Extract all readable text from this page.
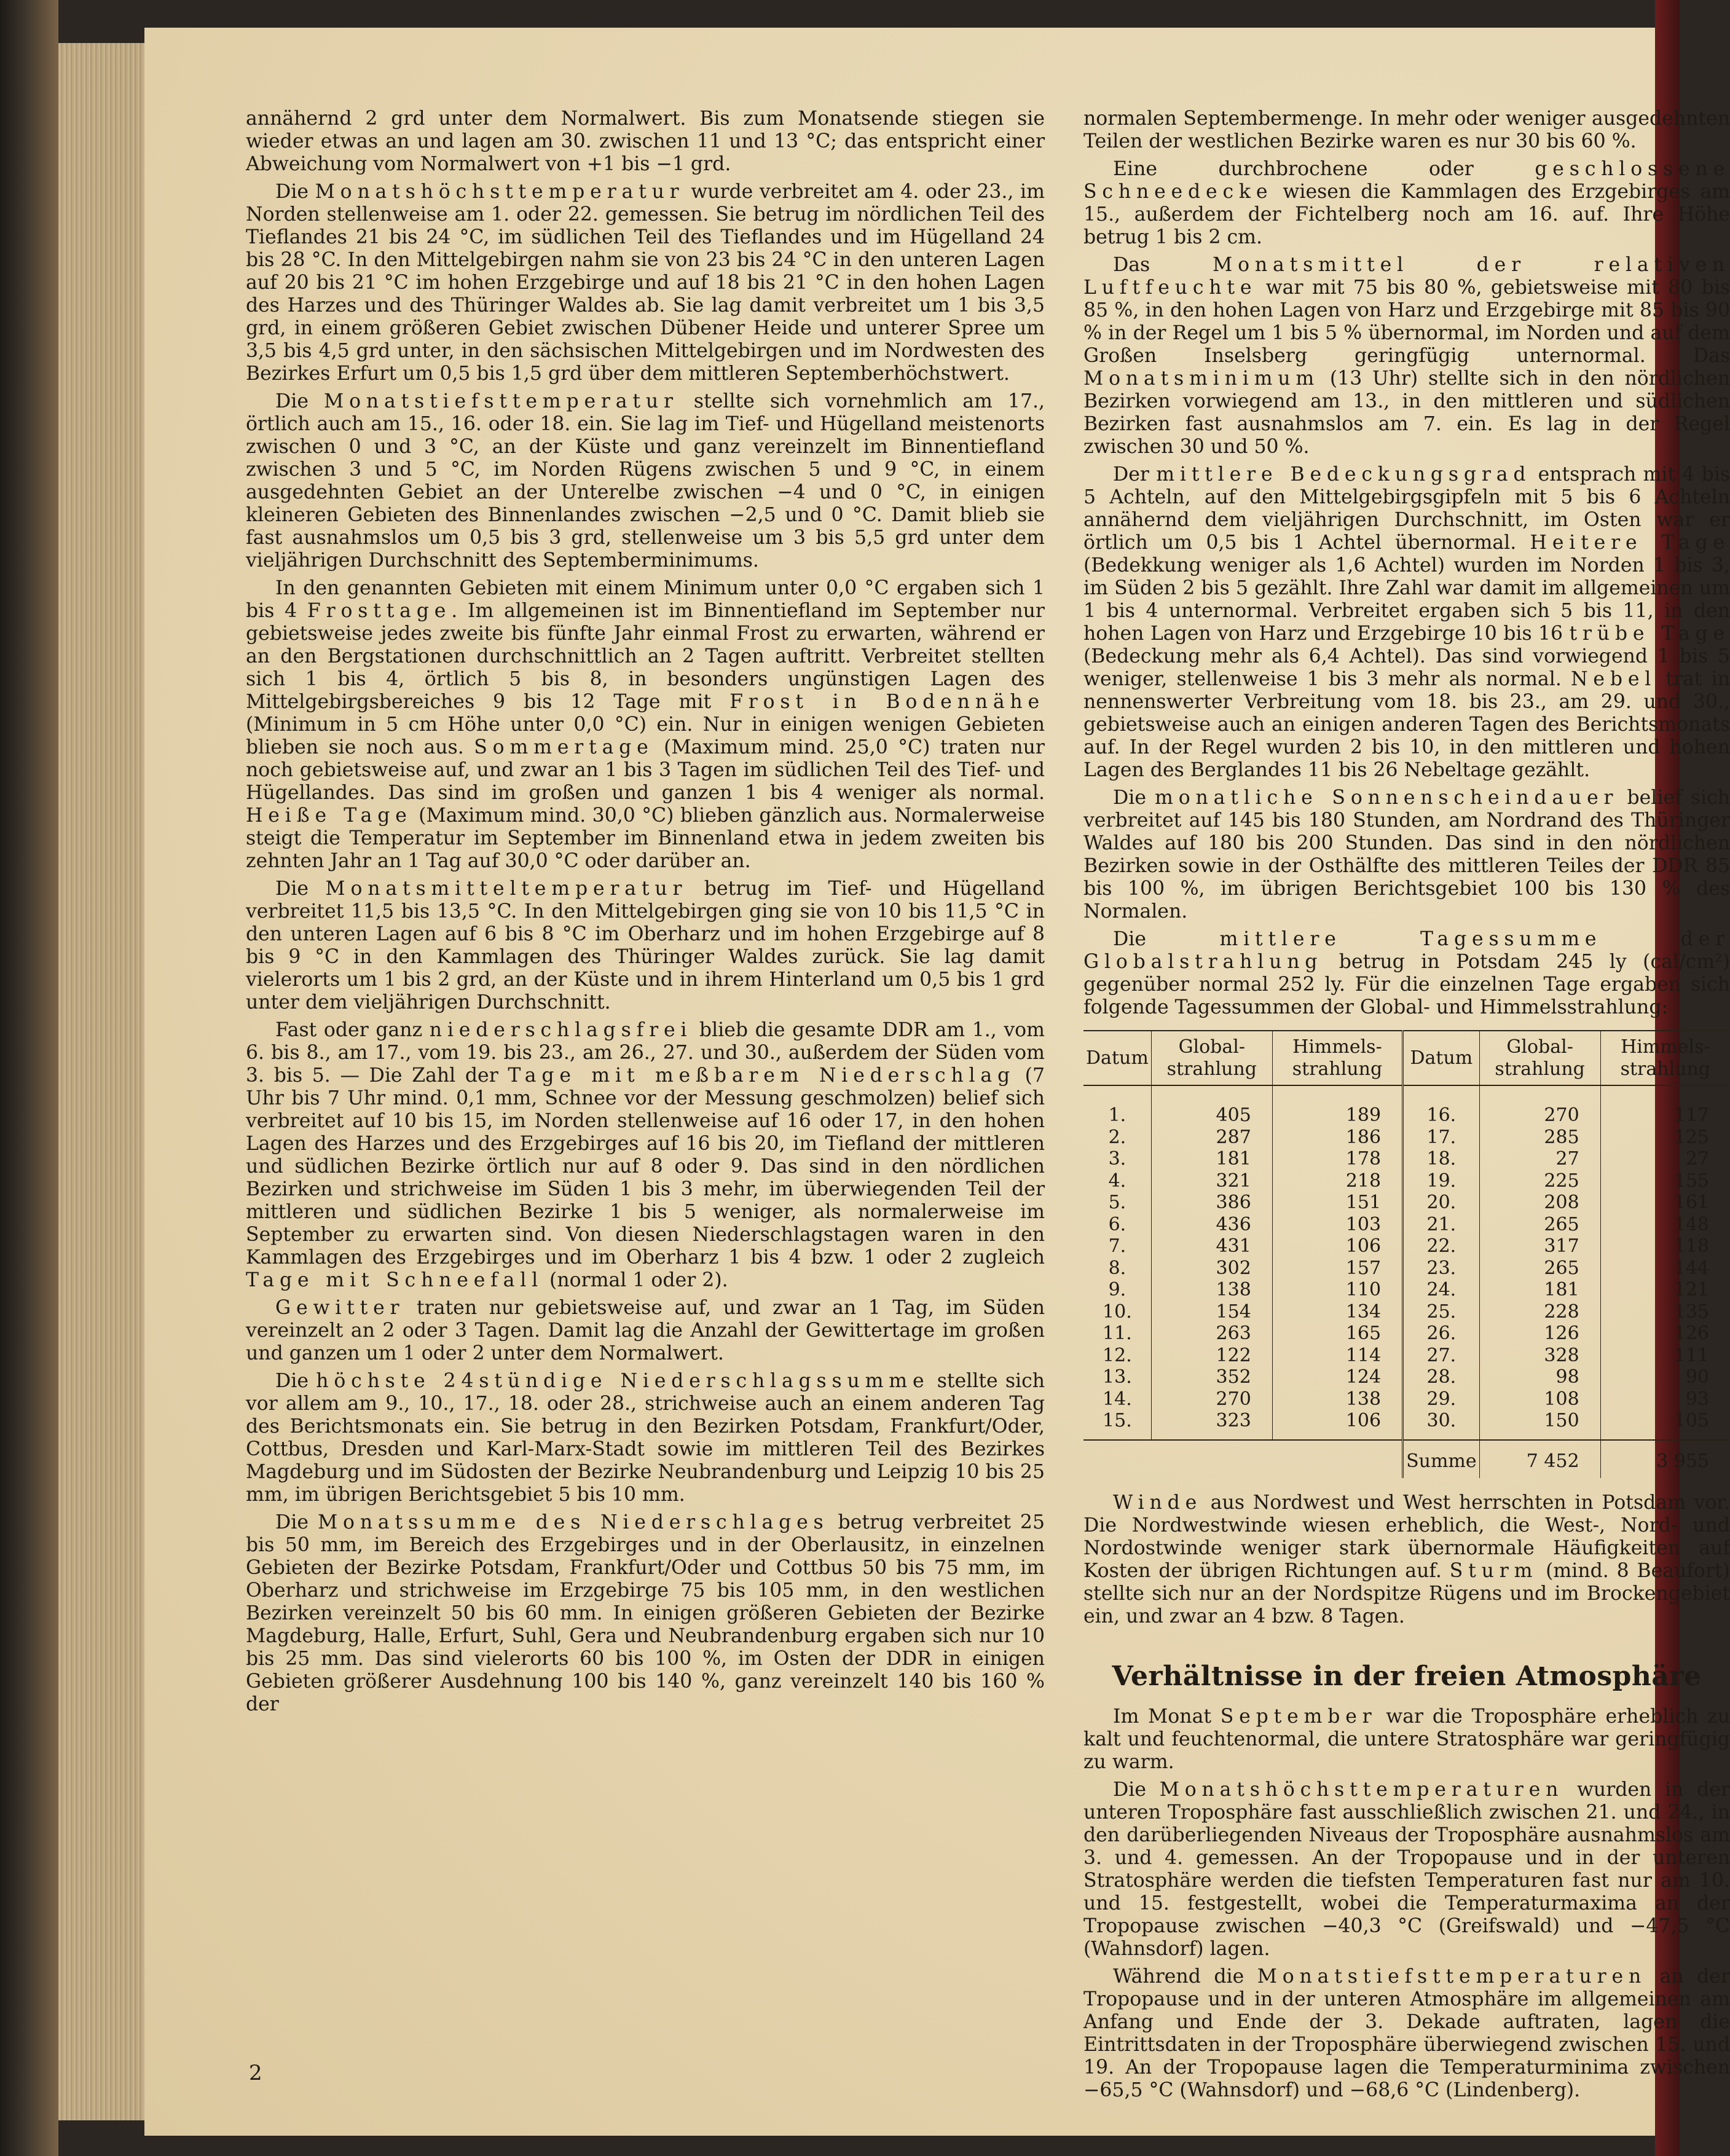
annähernd 2 grd unter dem Normalwert. Bis zum Monatsende stiegen sie wieder etwas an und lagen am 30. zwischen 11 und 13 °C; das entspricht einer Abweichung vom Normalwert von +1 bis −1 grd.

Die Monatshöchsttemperatur wurde verbreitet am 4. oder 23., im Norden stellenweise am 1. oder 22. gemessen. Sie betrug im nördlichen Teil des Tieflandes 21 bis 24 °C, im südlichen Teil des Tieflandes und im Hügelland 24 bis 28 °C. In den Mittelgebirgen nahm sie von 23 bis 24 °C in den unteren Lagen auf 20 bis 21 °C im hohen Erzgebirge und auf 18 bis 21 °C in den hohen Lagen des Harzes und des Thüringer Waldes ab. Sie lag damit verbreitet um 1 bis 3,5 grd, in einem größeren Gebiet zwischen Dübener Heide und unterer Spree um 3,5 bis 4,5 grd unter, in den sächsischen Mittelgebirgen und im Nordwesten des Bezirkes Erfurt um 0,5 bis 1,5 grd über dem mittleren Septemberhöchstwert.

Die Monatstiefsttemperatur stellte sich vornehmlich am 17., örtlich auch am 15., 16. oder 18. ein. Sie lag im Tief- und Hügelland meistenorts zwischen 0 und 3 °C, an der Küste und ganz vereinzelt im Binnentiefland zwischen 3 und 5 °C, im Norden Rügens zwischen 5 und 9 °C, in einem ausgedehnten Gebiet an der Unterelbe zwischen −4 und 0 °C, in einigen kleineren Gebieten des Binnenlandes zwischen −2,5 und 0 °C. Damit blieb sie fast ausnahmslos um 0,5 bis 3 grd, stellenweise um 3 bis 5,5 grd unter dem vieljährigen Durchschnitt des Septemberminimums.

In den genannten Gebieten mit einem Minimum unter 0,0 °C ergaben sich 1 bis 4 Frosttage. Im allgemeinen ist im Binnentiefland im September nur gebietsweise jedes zweite bis fünfte Jahr einmal Frost zu erwarten, während er an den Bergstationen durchschnittlich an 2 Tagen auftritt. Verbreitet stellten sich 1 bis 4, örtlich 5 bis 8, in besonders ungünstigen Lagen des Mittelgebirgsbereiches 9 bis 12 Tage mit Frost in Bodennähe (Minimum in 5 cm Höhe unter 0,0 °C) ein. Nur in einigen wenigen Gebieten blieben sie noch aus. Sommertage (Maximum mind. 25,0 °C) traten nur noch gebietsweise auf, und zwar an 1 bis 3 Tagen im südlichen Teil des Tief- und Hügellandes. Das sind im großen und ganzen 1 bis 4 weniger als normal. Heiße Tage (Maximum mind. 30,0 °C) blieben gänzlich aus. Normalerweise steigt die Temperatur im September im Binnenland etwa in jedem zweiten bis zehnten Jahr an 1 Tag auf 30,0 °C oder darüber an.

Die Monatsmitteltemperatur betrug im Tief- und Hügelland verbreitet 11,5 bis 13,5 °C. In den Mittelgebirgen ging sie von 10 bis 11,5 °C in den unteren Lagen auf 6 bis 8 °C im Oberharz und im hohen Erzgebirge auf 8 bis 9 °C in den Kammlagen des Thüringer Waldes zurück. Sie lag damit vielerorts um 1 bis 2 grd, an der Küste und in ihrem Hinterland um 0,5 bis 1 grd unter dem vieljährigen Durchschnitt.

Fast oder ganz niederschlagsfrei blieb die gesamte DDR am 1., vom 6. bis 8., am 17., vom 19. bis 23., am 26., 27. und 30., außerdem der Süden vom 3. bis 5. — Die Zahl der Tage mit meßbarem Niederschlag (7 Uhr bis 7 Uhr mind. 0,1 mm, Schnee vor der Messung geschmolzen) belief sich verbreitet auf 10 bis 15, im Norden stellenweise auf 16 oder 17, in den hohen Lagen des Harzes und des Erzgebirges auf 16 bis 20, im Tiefland der mittleren und südlichen Bezirke örtlich nur auf 8 oder 9. Das sind in den nördlichen Bezirken und strichweise im Süden 1 bis 3 mehr, im überwiegenden Teil der mittleren und südlichen Bezirke 1 bis 5 weniger, als normalerweise im September zu erwarten sind. Von diesen Niederschlagstagen waren in den Kammlagen des Erzgebirges und im Oberharz 1 bis 4 bzw. 1 oder 2 zugleich Tage mit Schneefall (normal 1 oder 2).

Gewitter traten nur gebietsweise auf, und zwar an 1 Tag, im Süden vereinzelt an 2 oder 3 Tagen. Damit lag die Anzahl der Gewittertage im großen und ganzen um 1 oder 2 unter dem Normalwert.

Die höchste 24stündige Niederschlagssumme stellte sich vor allem am 9., 10., 17., 18. oder 28., strichweise auch an einem anderen Tag des Berichtsmonats ein. Sie betrug in den Bezirken Potsdam, Frankfurt/Oder, Cottbus, Dresden und Karl-Marx-Stadt sowie im mittleren Teil des Bezirkes Magdeburg und im Südosten der Bezirke Neubrandenburg und Leipzig 10 bis 25 mm, im übrigen Berichtsgebiet 5 bis 10 mm.

Die Monatssumme des Niederschlages betrug verbreitet 25 bis 50 mm, im Bereich des Erzgebirges und in der Oberlausitz, in einzelnen Gebieten der Bezirke Potsdam, Frankfurt/Oder und Cottbus 50 bis 75 mm, im Oberharz und strichweise im Erzgebirge 75 bis 105 mm, in den westlichen Bezirken vereinzelt 50 bis 60 mm. In einigen größeren Gebieten der Bezirke Magdeburg, Halle, Erfurt, Suhl, Gera und Neubrandenburg ergaben sich nur 10 bis 25 mm. Das sind vielerorts 60 bis 100 %, im Osten der DDR in einigen Gebieten größerer Ausdehnung 100 bis 140 %, ganz vereinzelt 140 bis 160 % der

normalen Septembermenge. In mehr oder weniger ausgedehnten Teilen der westlichen Bezirke waren es nur 30 bis 60 %.

Eine durchbrochene oder geschlossene Schneedecke wiesen die Kammlagen des Erzgebirges am 15., außerdem der Fichtelberg noch am 16. auf. Ihre Höhe betrug 1 bis 2 cm.

Das Monatsmittel der relativen Luftfeuchte war mit 75 bis 80 %, gebietsweise mit 80 bis 85 %, in den hohen Lagen von Harz und Erzgebirge mit 85 bis 90 % in der Regel um 1 bis 5 % übernormal, im Norden und auf dem Großen Inselsberg geringfügig unternormal. Das Monatsminimum (13 Uhr) stellte sich in den nördlichen Bezirken vorwiegend am 13., in den mittleren und südlichen Bezirken fast ausnahmslos am 7. ein. Es lag in der Regel zwischen 30 und 50 %.

Der mittlere Bedeckungsgrad entsprach mit 4 bis 5 Achteln, auf den Mittelgebirgsgipfeln mit 5 bis 6 Achteln annähernd dem vieljährigen Durchschnitt, im Osten war er örtlich um 0,5 bis 1 Achtel übernormal. Heitere Tage (Bedekkung weniger als 1,6 Achtel) wurden im Norden 1 bis 3, im Süden 2 bis 5 gezählt. Ihre Zahl war damit im allgemeinen um 1 bis 4 unternormal. Verbreitet ergaben sich 5 bis 11, in den hohen Lagen von Harz und Erzgebirge 10 bis 16 trübe Tage (Bedeckung mehr als 6,4 Achtel). Das sind vorwiegend 1 bis 5 weniger, stellenweise 1 bis 3 mehr als normal. Nebel trat in nennenswerter Verbreitung vom 18. bis 23., am 29. und 30., gebietsweise auch an einigen anderen Tagen des Berichtsmonats auf. In der Regel wurden 2 bis 10, in den mittleren und hohen Lagen des Berglandes 11 bis 26 Nebeltage gezählt.

Die monatliche Sonnenscheindauer belief sich verbreitet auf 145 bis 180 Stunden, am Nordrand des Thüringer Waldes auf 180 bis 200 Stunden. Das sind in den nördlichen Bezirken sowie in der Osthälfte des mittleren Teiles der DDR 85 bis 100 %, im übrigen Berichtsgebiet 100 bis 130 % des Normalen.

Die mittlere Tagessumme der Globalstrahlung betrug in Potsdam 245 ly (cal/cm²) gegenüber normal 252 ly. Für die einzelnen Tage ergaben sich folgende Tagessummen der Global- und Himmelsstrahlung:

Datum	Global-strahlung	Himmels-strahlung	Datum	Global-strahlung	Himmels-strahlung
1.	405	189	16.	270	117
2.	287	186	17.	285	125
3.	181	178	18.	27	27
4.	321	218	19.	225	155
5.	386	151	20.	208	161
6.	436	103	21.	265	148
7.	431	106	22.	317	118
8.	302	157	23.	265	144
9.	138	110	24.	181	121
10.	154	134	25.	228	135
11.	263	165	26.	126	126
12.	122	114	27.	328	111
13.	352	124	28.	98	90
14.	270	138	29.	108	93
15.	323	106	30.	150	105
			Summe	7 452	3 955

Winde aus Nordwest und West herrschten in Potsdam vor. Die Nordwestwinde wiesen erheblich, die West-, Nord- und Nordostwinde weniger stark übernormale Häufigkeiten auf Kosten der übrigen Richtungen auf. Sturm (mind. 8 Beaufort) stellte sich nur an der Nordspitze Rügens und im Brockengebiet ein, und zwar an 4 bzw. 8 Tagen.

Verhältnisse in der freien Atmosphäre

Im Monat September war die Troposphäre erheblich zu kalt und feuchtenormal, die untere Stratosphäre war geringfügig zu warm.

Die Monatshöchsttemperaturen wurden in der unteren Troposphäre fast ausschließlich zwischen 21. und 24., in den darüberliegenden Niveaus der Troposphäre ausnahmslos am 3. und 4. gemessen. An der Tropopause und in der unteren Stratosphäre werden die tiefsten Temperaturen fast nur am 10. und 15. festgestellt, wobei die Temperaturmaxima an der Tropopause zwischen −40,3 °C (Greifswald) und −47,5 °C (Wahnsdorf) lagen.

Während die Monatstiefsttemperaturen an der Tropopause und in der unteren Atmosphäre im allgemeinen am Anfang und Ende der 3. Dekade auftraten, lagen die Eintrittsdaten in der Troposphäre überwiegend zwischen 15. und 19. An der Tropopause lagen die Temperaturminima zwischen −65,5 °C (Wahnsdorf) und −68,6 °C (Lindenberg).

2
